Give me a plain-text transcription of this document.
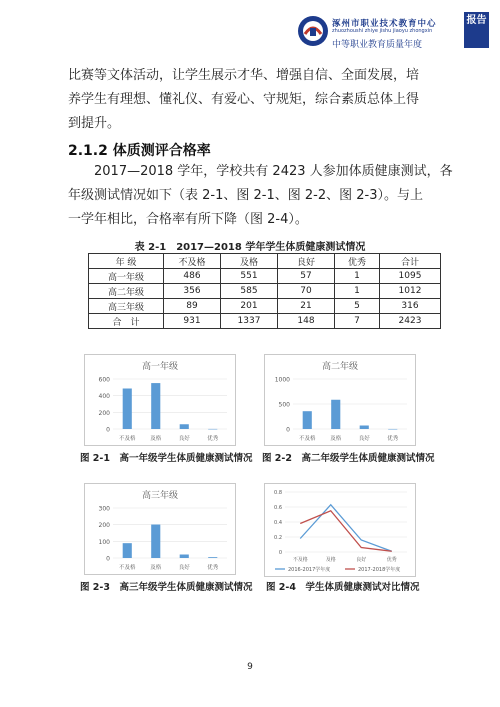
涿州市职业技术教育中心
zhuozhoushi zhiye jishu jiaoyu zhongxin
中等职业教育质量年度
报告
比赛等文体活动，让学生展示才华、增强自信、全面发展，培
养学生有理想、懂礼仪、有爱心、守规矩，综合素质总体上得
到提升。
2.1.2 体质测评合格率
2017—2018 学年，学校共有 2423 人参加体质健康测试，各
年级测试情况如下（表 2-1、图 2-1、图 2-2、图 2-3）。与上
一学年相比，合格率有所下降（图 2-4）。
表 2-1　2017—2018 学年学生体质健康测试情况
年 级	不及格	及格	良好	优秀	合计
高一年级	486	551	57	1	1095
高二年级	356	585	70	1	1012
高三年级	89	201	21	5	316
合　计	931	1337	148	7	2423
高一年级
0
200
400
600
不及格	及格	良好	优秀
图 2-1　高一年级学生体质健康测试情况
高二年级
0
500
1000
不及格	及格	良好	优秀
图 2-2　高二年级学生体质健康测试情况
高三年级
0
100
200
300
不及格	及格	良好	优秀
图 2-3　高三年级学生体质健康测试情况
0
0.2
0.4
0.6
0.8
不及格	及格	良好	优秀
2016-2017学年度	2017-2018学年度
图 2-4　学生体质健康测试对比情况
9
